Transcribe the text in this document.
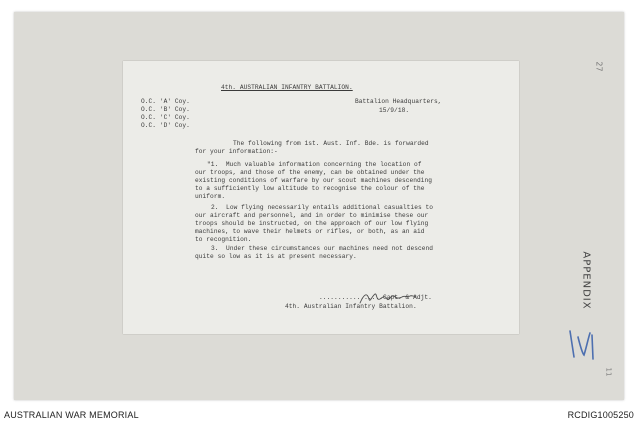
27
11
4th. AUSTRALIAN INFANTRY BATTALION.
O.C. 'A' Coy.
O.C. 'B' Coy.
O.C. 'C' Coy.
O.C. 'D' Coy.
Battalion Headquarters,
15/9/18.
The following from 1st. Aust. Inf. Bde. is forwarded
for your information:-
"1.  Much valuable information concerning the location of
our troops, and those of the enemy, can be obtained under the
existing conditions of warfare by our scout machines descending
to a sufficiently low altitude to recognise the colour of the
uniform.
2.  Low flying necessarily entails additional casualties to
our aircraft and personnel, and in order to minimise these our
troops should be instructed, on the approach of our low flying
machines, to wave their helmets or rifles, or both, as an aid
to recognition.
3.  Under these circumstances our machines need not descend
quite so low as it is at present necessary.
.................Capt. & Adjt.
4th. Australian Infantry Battalion.	APPENDIX
AUSTRALIAN WAR MEMORIAL	RCDIG1005250
